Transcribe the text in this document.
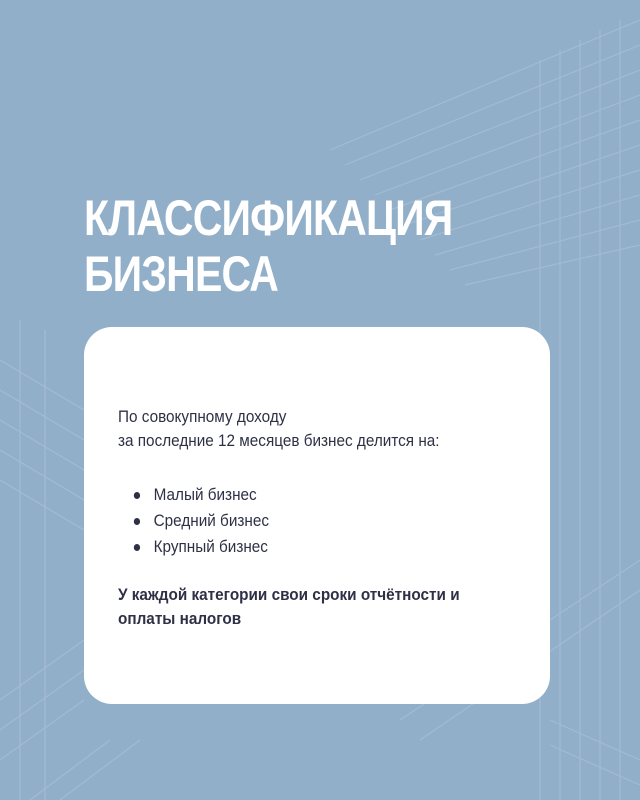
КЛАССИФИКАЦИЯ
БИЗНЕСА
По совокупному доходу
за последние 12 месяцев бизнес делится на:
Малый бизнес
Средний бизнес
Крупный бизнес
У каждой категории свои сроки отчётности и
оплаты налогов
